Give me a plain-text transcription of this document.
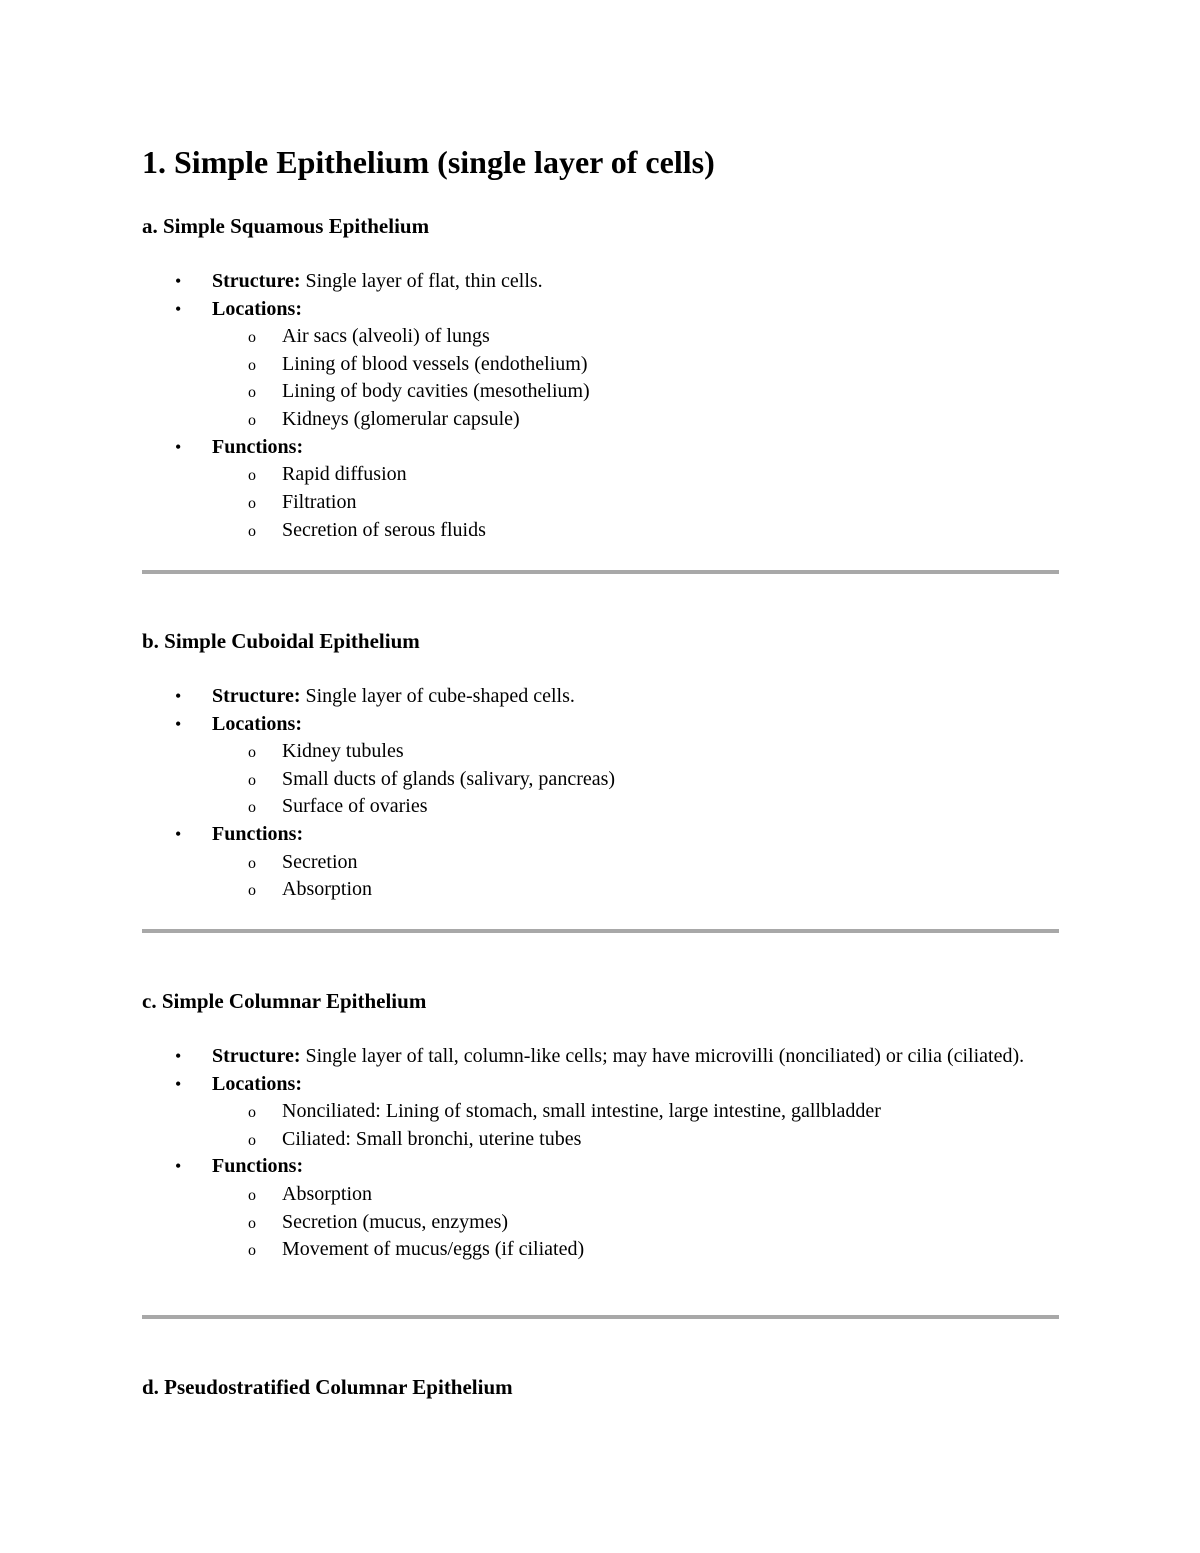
1. Simple Epithelium (single layer of cells)
a. Simple Squamous Epithelium
• Structure: Single layer of flat, thin cells.
• Locations:
o Air sacs (alveoli) of lungs
o Lining of blood vessels (endothelium)
o Lining of body cavities (mesothelium)
o Kidneys (glomerular capsule)
• Functions:
o Rapid diffusion
o Filtration
o Secretion of serous fluids
b. Simple Cuboidal Epithelium
• Structure: Single layer of cube-shaped cells.
• Locations:
o Kidney tubules
o Small ducts of glands (salivary, pancreas)
o Surface of ovaries
• Functions:
o Secretion
o Absorption
c. Simple Columnar Epithelium
• Structure: Single layer of tall, column-like cells; may have microvilli (nonciliated) or cilia (ciliated).
• Locations:
o Nonciliated: Lining of stomach, small intestine, large intestine, gallbladder
o Ciliated: Small bronchi, uterine tubes
• Functions:
o Absorption
o Secretion (mucus, enzymes)
o Movement of mucus/eggs (if ciliated)
d. Pseudostratified Columnar Epithelium
